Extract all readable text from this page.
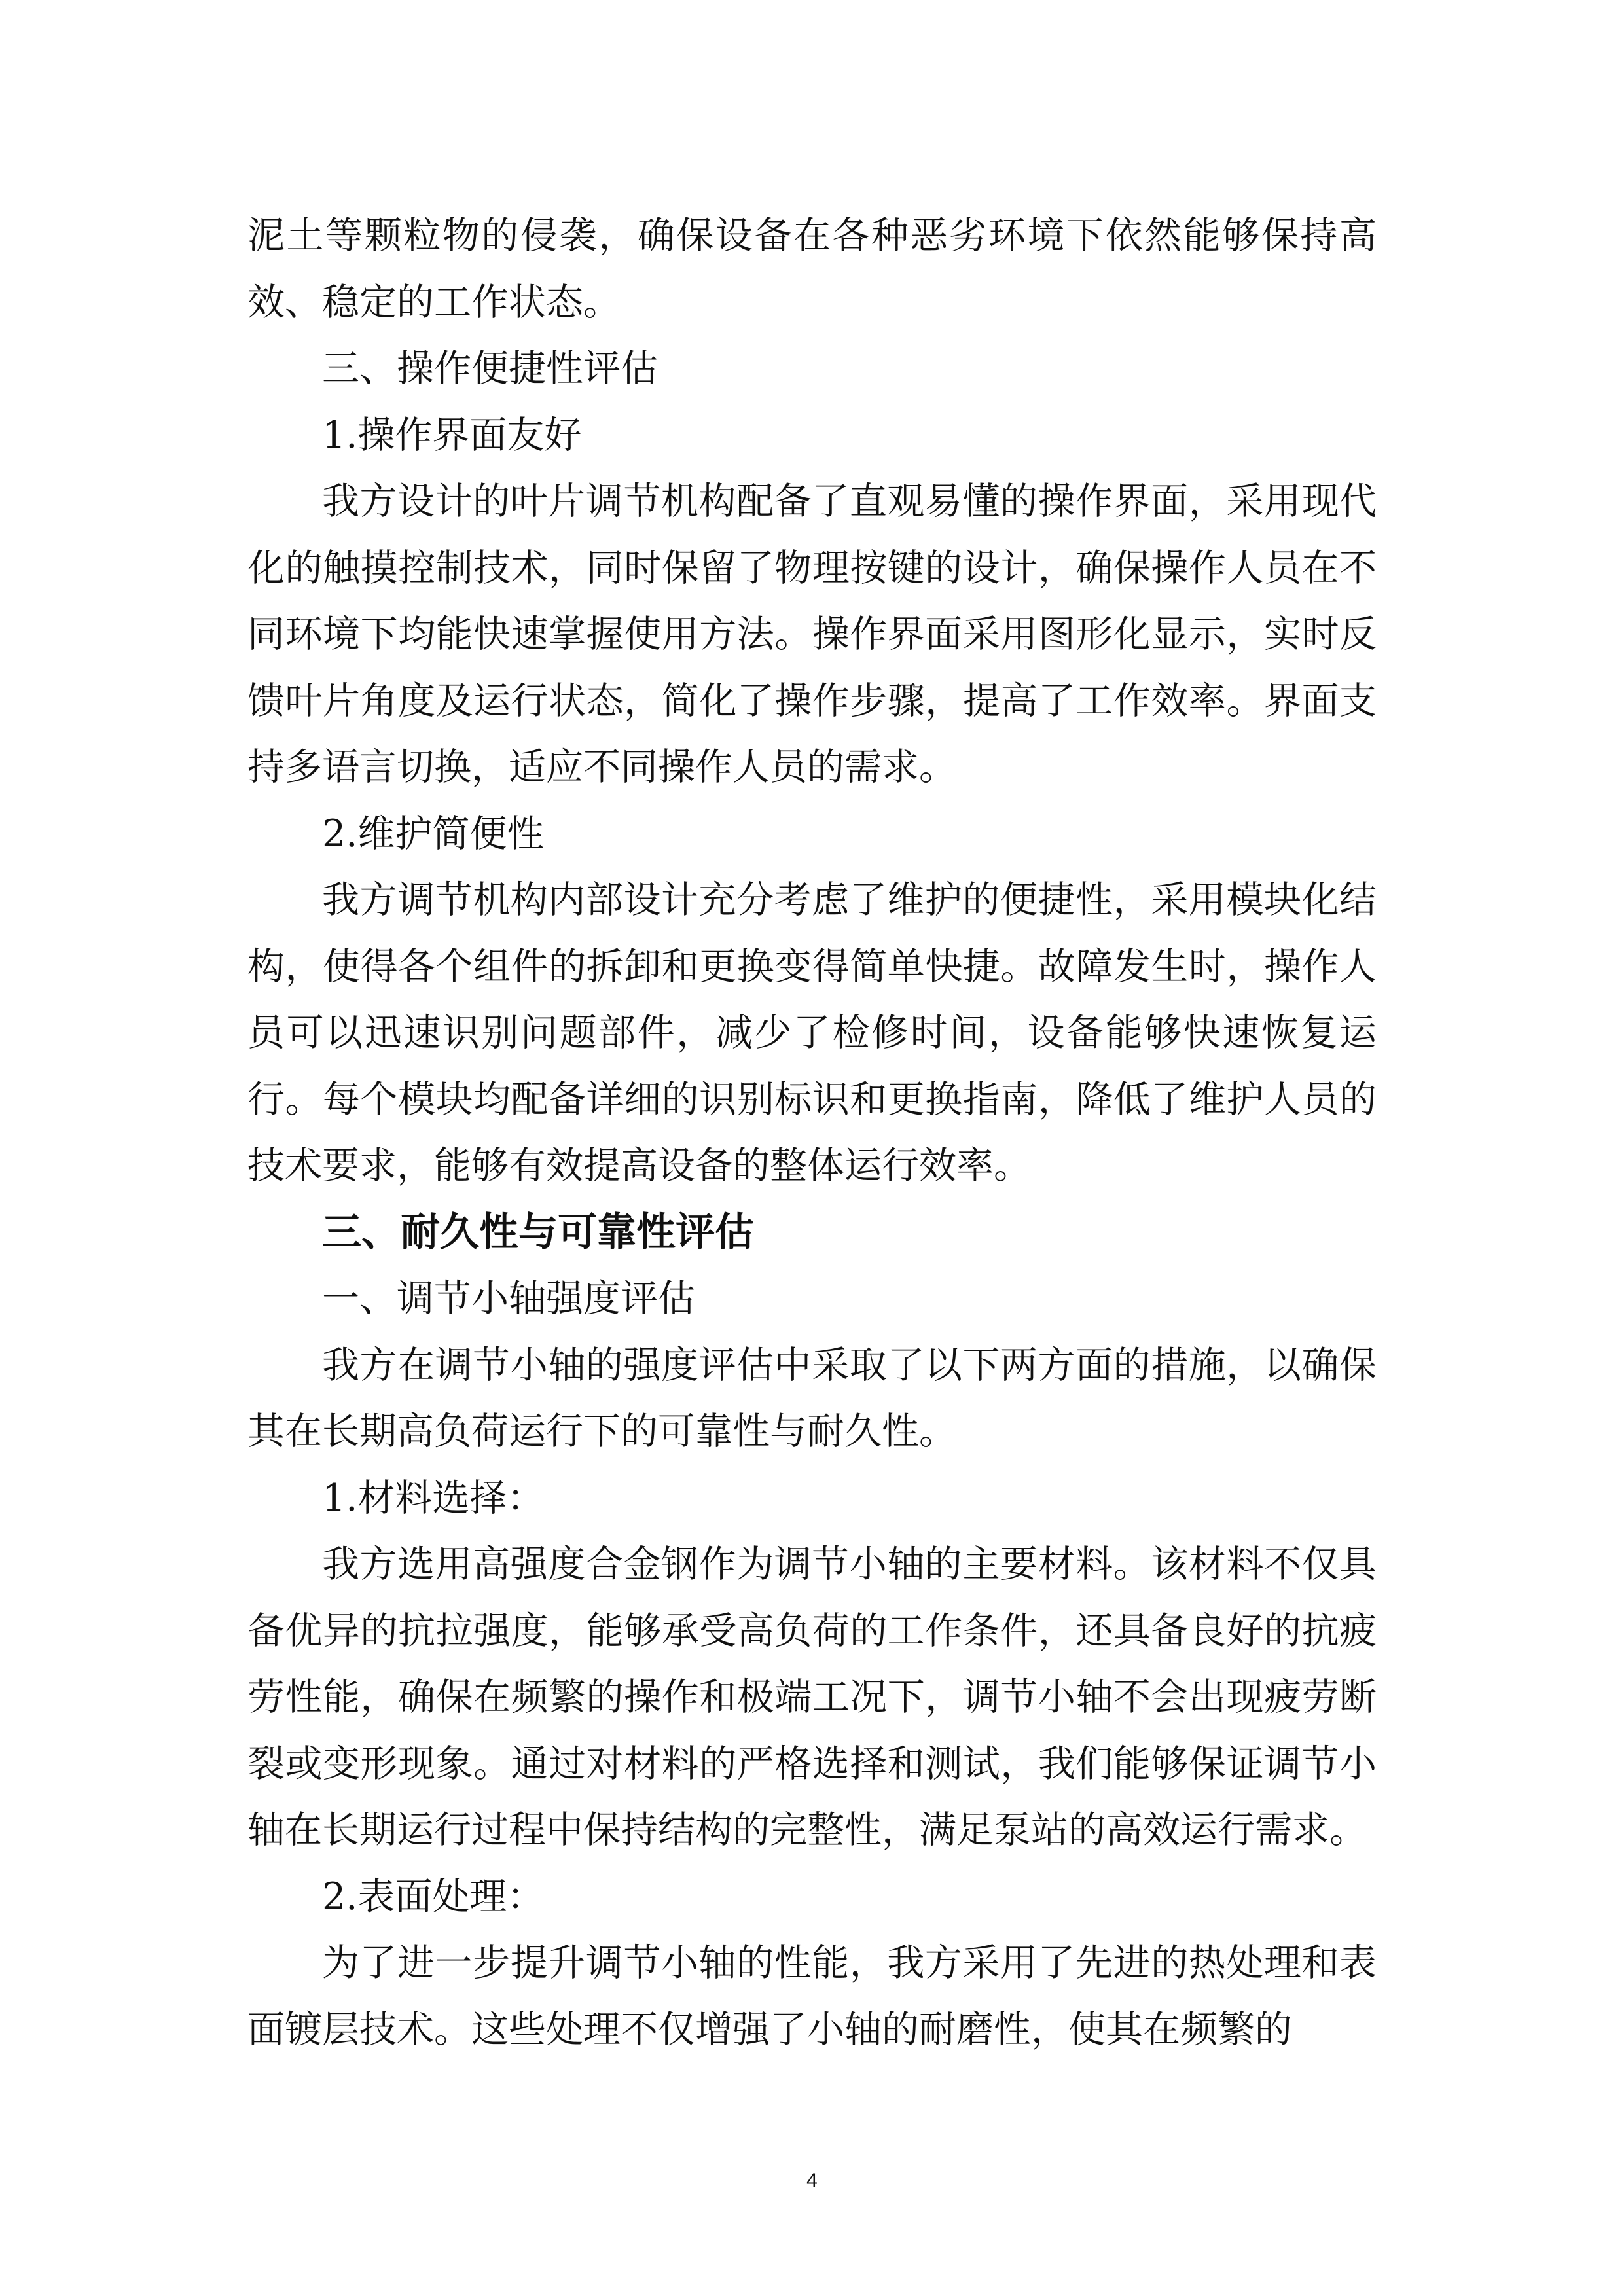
泥土等颗粒物的侵袭，确保设备在各种恶劣环境下依然能够保持高效、稳定的工作状态。

三、操作便捷性评估

1.操作界面友好

我方设计的叶片调节机构配备了直观易懂的操作界面，采用现代化的触摸控制技术，同时保留了物理按键的设计，确保操作人员在不同环境下均能快速掌握使用方法。操作界面采用图形化显示，实时反馈叶片角度及运行状态，简化了操作步骤，提高了工作效率。界面支持多语言切换，适应不同操作人员的需求。

2.维护简便性

我方调节机构内部设计充分考虑了维护的便捷性，采用模块化结构，使得各个组件的拆卸和更换变得简单快捷。故障发生时，操作人员可以迅速识别问题部件，减少了检修时间，设备能够快速恢复运行。每个模块均配备详细的识别标识和更换指南，降低了维护人员的技术要求，能够有效提高设备的整体运行效率。

三、耐久性与可靠性评估

一、调节小轴强度评估

我方在调节小轴的强度评估中采取了以下两方面的措施，以确保其在长期高负荷运行下的可靠性与耐久性。

1.材料选择：

我方选用高强度合金钢作为调节小轴的主要材料。该材料不仅具备优异的抗拉强度，能够承受高负荷的工作条件，还具备良好的抗疲劳性能，确保在频繁的操作和极端工况下，调节小轴不会出现疲劳断裂或变形现象。通过对材料的严格选择和测试，我们能够保证调节小轴在长期运行过程中保持结构的完整性，满足泵站的高效运行需求。

2.表面处理：

为了进一步提升调节小轴的性能，我方采用了先进的热处理和表面镀层技术。这些处理不仅增强了小轴的耐磨性，使其在频繁的

4
